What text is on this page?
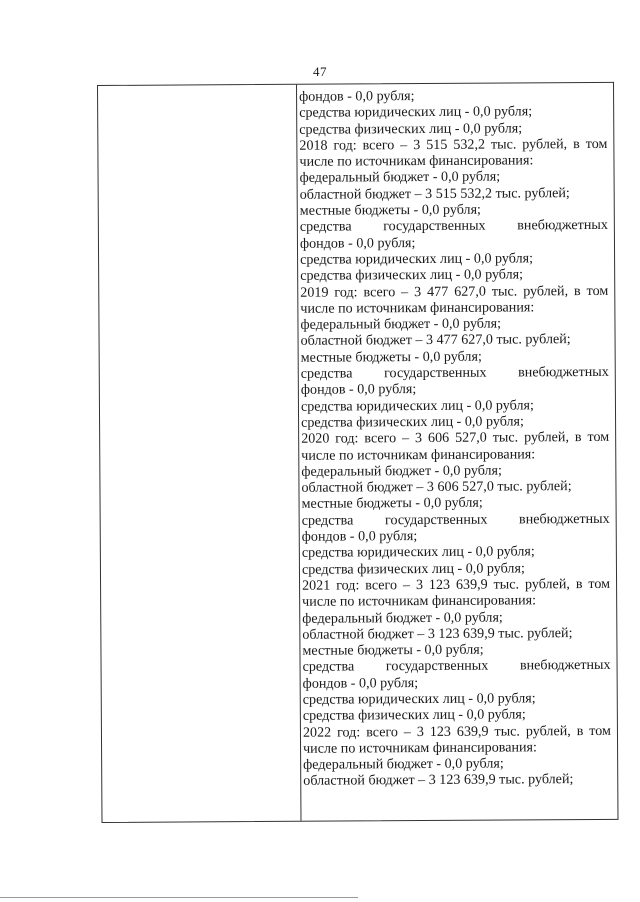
47
фондов - 0,0 рубля;
средства юридических лиц - 0,0 рубля;
средства физических лиц - 0,0 рубля;
2018 год: всего – 3 515 532,2 тыс. рублей, в том
числе по источникам финансирования:
федеральный бюджет - 0,0 рубля;
областной бюджет – 3 515 532,2 тыс. рублей;
местные бюджеты - 0,0 рубля;
средства государственных внебюджетных
фондов - 0,0 рубля;
средства юридических лиц - 0,0 рубля;
средства физических лиц - 0,0 рубля;
2019 год: всего – 3 477 627,0 тыс. рублей, в том
числе по источникам финансирования:
федеральный бюджет - 0,0 рубля;
областной бюджет – 3 477 627,0 тыс. рублей;
местные бюджеты - 0,0 рубля;
средства государственных внебюджетных
фондов - 0,0 рубля;
средства юридических лиц - 0,0 рубля;
средства физических лиц - 0,0 рубля;
2020 год: всего – 3 606 527,0 тыс. рублей, в том
числе по источникам финансирования:
федеральный бюджет - 0,0 рубля;
областной бюджет – 3 606 527,0 тыс. рублей;
местные бюджеты - 0,0 рубля;
средства государственных внебюджетных
фондов - 0,0 рубля;
средства юридических лиц - 0,0 рубля;
средства физических лиц - 0,0 рубля;
2021 год: всего – 3 123 639,9 тыс. рублей, в том
числе по источникам финансирования:
федеральный бюджет - 0,0 рубля;
областной бюджет – 3 123 639,9 тыс. рублей;
местные бюджеты - 0,0 рубля;
средства государственных внебюджетных
фондов - 0,0 рубля;
средства юридических лиц - 0,0 рубля;
средства физических лиц - 0,0 рубля;
2022 год: всего – 3 123 639,9 тыс. рублей, в том
числе по источникам финансирования:
федеральный бюджет - 0,0 рубля;
областной бюджет – 3 123 639,9 тыс. рублей;
